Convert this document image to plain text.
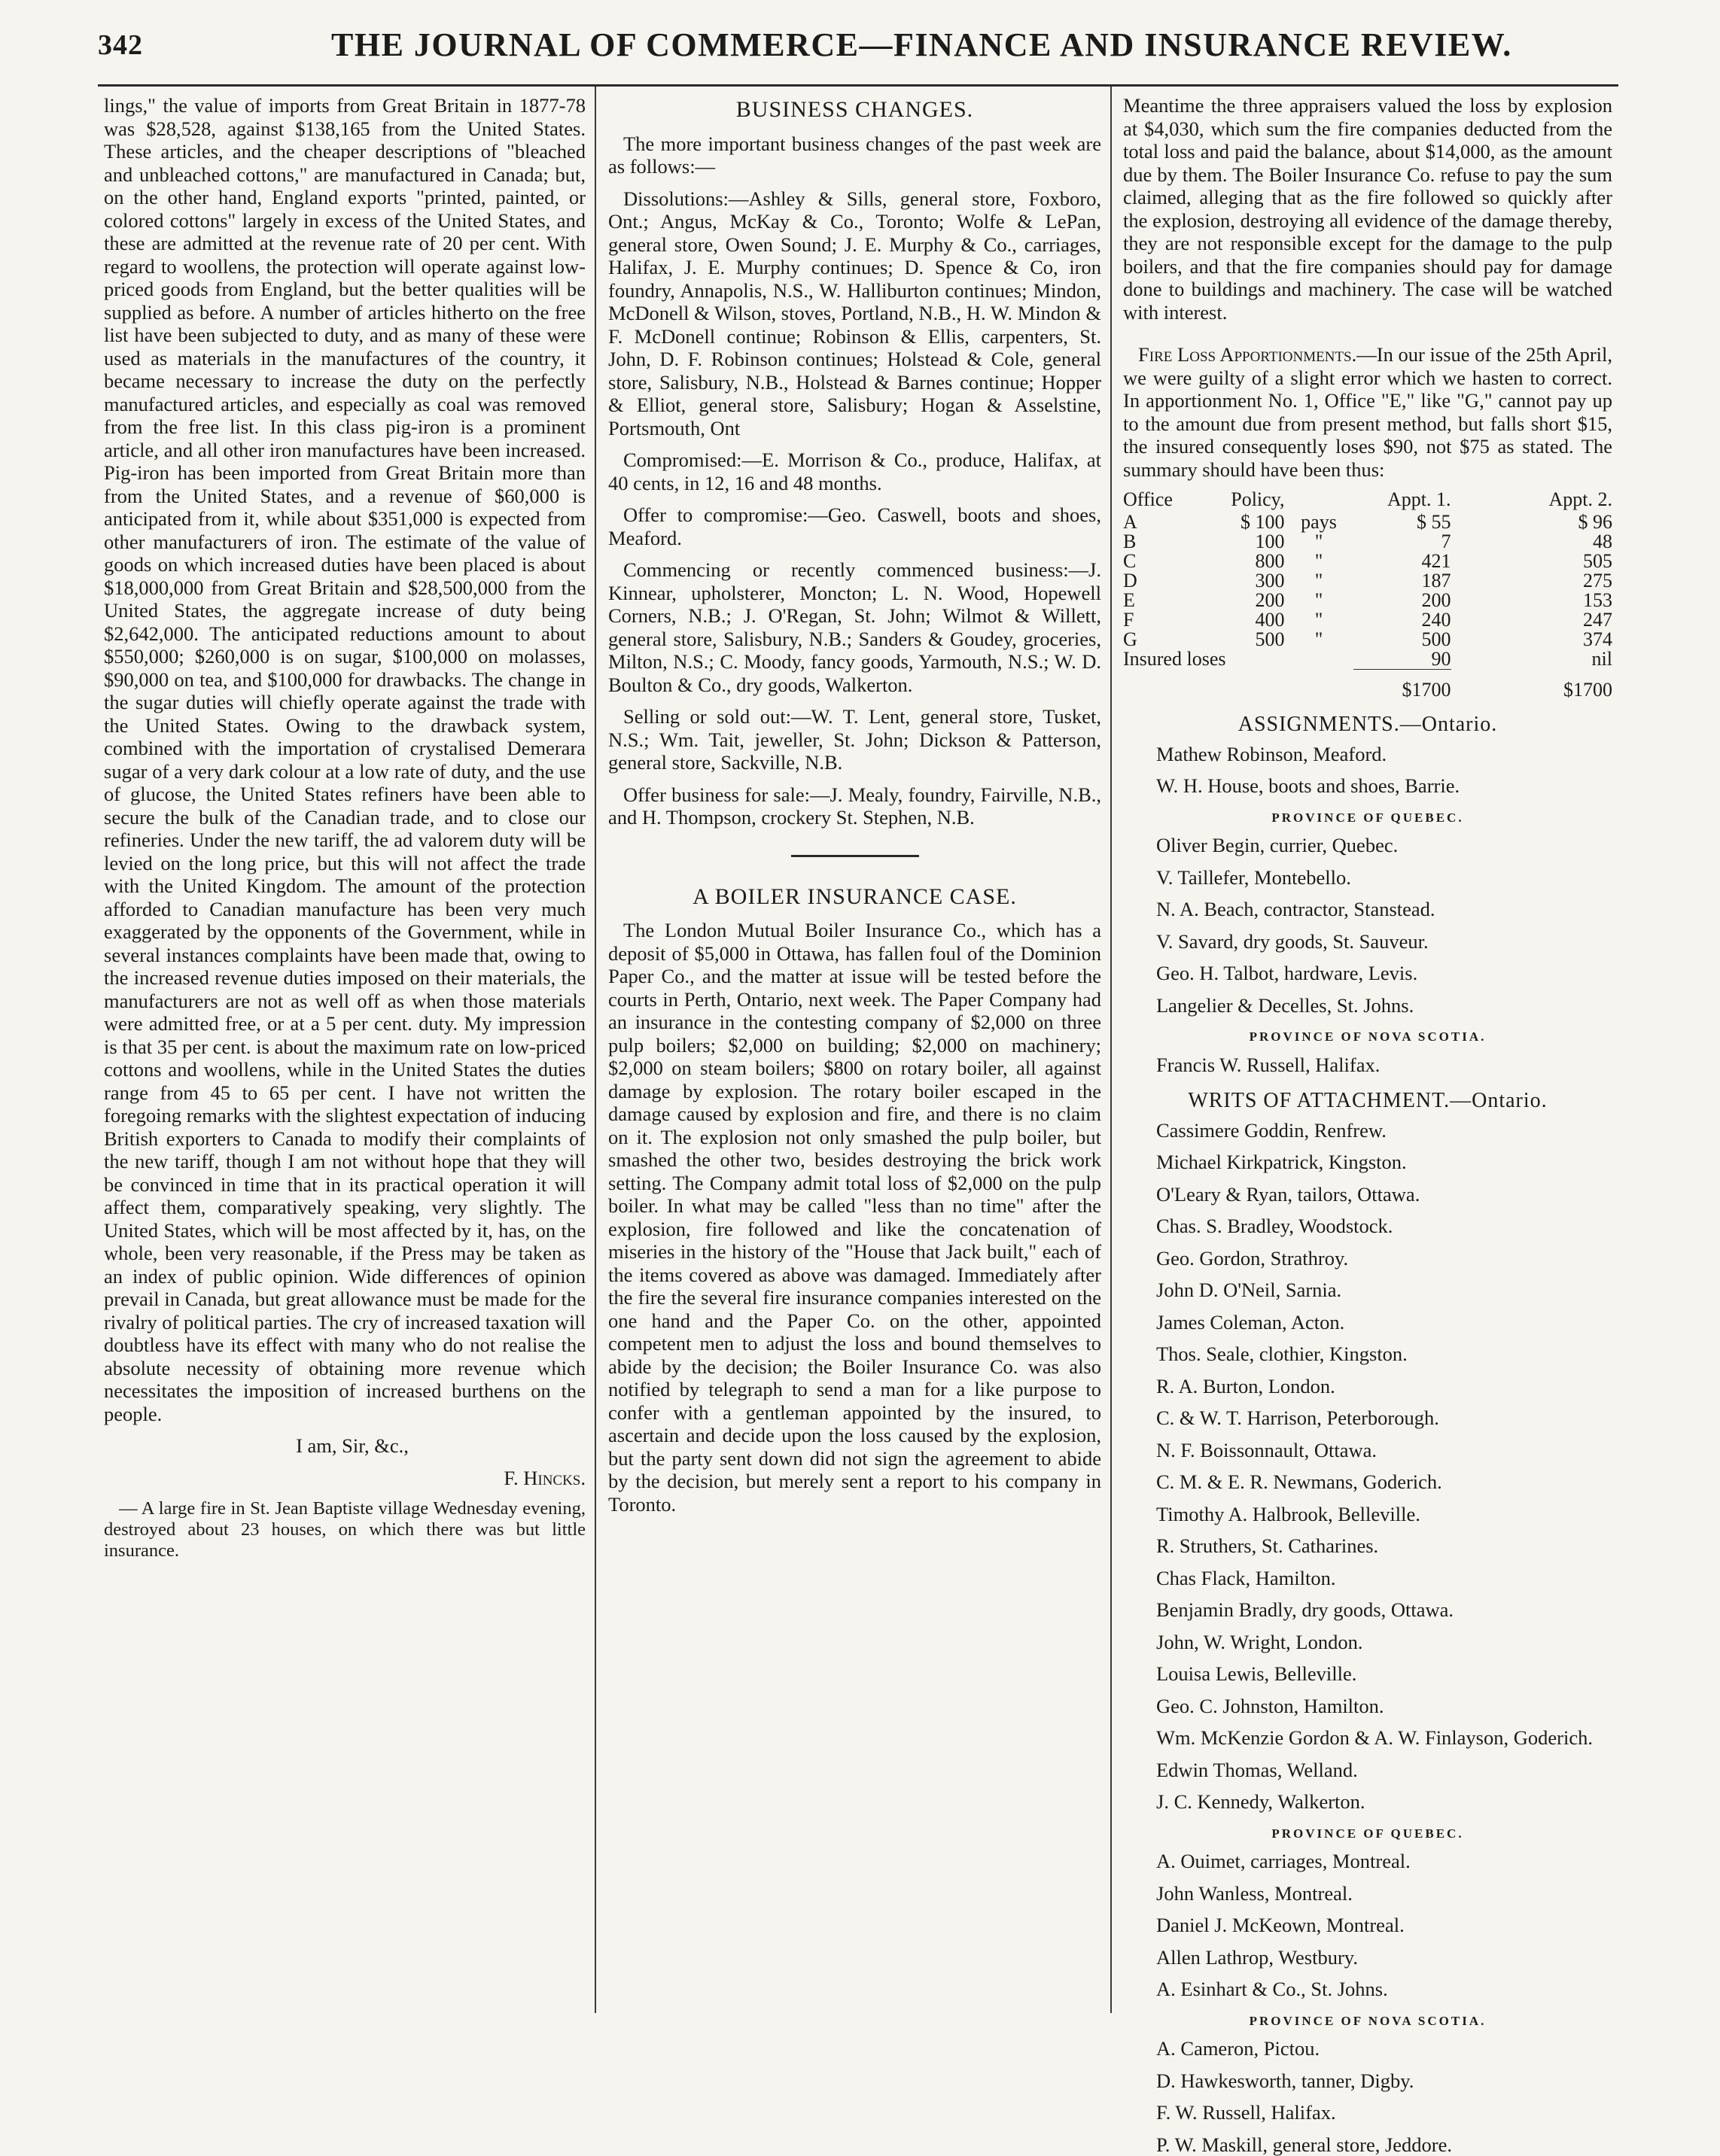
342	THE JOURNAL OF COMMERCE—FINANCE AND INSURANCE REVIEW.

lings," the value of imports from Great Britain in 1877-78 was $28,528, against $138,165 from the United States. These articles, and the cheaper descriptions of "bleached and unbleached cottons," are manufactured in Canada; but, on the other hand, England exports "printed, painted, or colored cottons" largely in excess of the United States, and these are admitted at the revenue rate of 20 per cent. With regard to woollens, the protection will operate against low-priced goods from England, but the better qualities will be supplied as before. A number of articles hitherto on the free list have been subjected to duty, and as many of these were used as materials in the manufactures of the country, it became necessary to increase the duty on the perfectly manufactured articles, and especially as coal was removed from the free list. In this class pig-iron is a prominent article, and all other iron manufactures have been increased. Pig-iron has been imported from Great Britain more than from the United States, and a revenue of $60,000 is anticipated from it, while about $351,000 is expected from other manufacturers of iron. The estimate of the value of goods on which increased duties have been placed is about $18,000,000 from Great Britain and $28,500,000 from the United States, the aggregate increase of duty being $2,642,000. The anticipated reductions amount to about $550,000; $260,000 is on sugar, $100,000 on molasses, $90,000 on tea, and $100,000 for drawbacks. The change in the sugar duties will chiefly operate against the trade with the United States. Owing to the drawback system, combined with the importation of crystalised Demerara sugar of a very dark colour at a low rate of duty, and the use of glucose, the United States refiners have been able to secure the bulk of the Canadian trade, and to close our refineries. Under the new tariff, the ad valorem duty will be levied on the long price, but this will not affect the trade with the United Kingdom. The amount of the protection afforded to Canadian manufacture has been very much exaggerated by the opponents of the Government, while in several instances complaints have been made that, owing to the increased revenue duties imposed on their materials, the manufacturers are not as well off as when those materials were admitted free, or at a 5 per cent. duty. My impression is that 35 per cent. is about the maximum rate on low-priced cottons and woollens, while in the United States the duties range from 45 to 65 per cent. I have not written the foregoing remarks with the slightest expectation of inducing British exporters to Canada to modify their complaints of the new tariff, though I am not without hope that they will be convinced in time that in its practical operation it will affect them, comparatively speaking, very slightly. The United States, which will be most affected by it, has, on the whole, been very reasonable, if the Press may be taken as an index of public opinion. Wide differences of opinion prevail in Canada, but great allowance must be made for the rivalry of political parties. The cry of increased taxation will doubtless have its effect with many who do not realise the absolute necessity of obtaining more revenue which necessitates the imposition of increased burthens on the people.

I am, Sir, &c.,

F. Hincks.

— A large fire in St. Jean Baptiste village Wednesday evening, destroyed about 23 houses, on which there was but little insurance.

BUSINESS CHANGES.

The more important business changes of the past week are as follows:—

Dissolutions:—Ashley & Sills, general store, Foxboro, Ont.; Angus, McKay & Co., Toronto; Wolfe & LePan, general store, Owen Sound; J. E. Murphy & Co., carriages, Halifax, J. E. Murphy continues; D. Spence & Co, iron foundry, Annapolis, N.S., W. Halliburton continues; Mindon, McDonell & Wilson, stoves, Portland, N.B., H. W. Mindon & F. McDonell continue; Robinson & Ellis, carpenters, St. John, D. F. Robinson continues; Holstead & Cole, general store, Salisbury, N.B., Holstead & Barnes continue; Hopper & Elliot, general store, Salisbury; Hogan & Asselstine, Portsmouth, Ont

Compromised:—E. Morrison & Co., produce, Halifax, at 40 cents, in 12, 16 and 48 months.

Offer to compromise:—Geo. Caswell, boots and shoes, Meaford.

Commencing or recently commenced business:—J. Kinnear, upholsterer, Moncton; L. N. Wood, Hopewell Corners, N.B.; J. O'Regan, St. John; Wilmot & Willett, general store, Salisbury, N.B.; Sanders & Goudey, groceries, Milton, N.S.; C. Moody, fancy goods, Yarmouth, N.S.; W. D. Boulton & Co., dry goods, Walkerton.

Selling or sold out:—W. T. Lent, general store, Tusket, N.S.; Wm. Tait, jeweller, St. John; Dickson & Patterson, general store, Sackville, N.B.

Offer business for sale:—J. Mealy, foundry, Fairville, N.B., and H. Thompson, crockery St. Stephen, N.B.

A BOILER INSURANCE CASE.

The London Mutual Boiler Insurance Co., which has a deposit of $5,000 in Ottawa, has fallen foul of the Dominion Paper Co., and the matter at issue will be tested before the courts in Perth, Ontario, next week. The Paper Company had an insurance in the contesting company of $2,000 on three pulp boilers; $2,000 on building; $2,000 on machinery; $2,000 on steam boilers; $800 on rotary boiler, all against damage by explosion. The rotary boiler escaped in the damage caused by explosion and fire, and there is no claim on it. The explosion not only smashed the pulp boiler, but smashed the other two, besides destroying the brick work setting. The Company admit total loss of $2,000 on the pulp boiler. In what may be called "less than no time" after the explosion, fire followed and like the concatenation of miseries in the history of the "House that Jack built," each of the items covered as above was damaged. Immediately after the fire the several fire insurance companies interested on the one hand and the Paper Co. on the other, appointed competent men to adjust the loss and bound themselves to abide by the decision; the Boiler Insurance Co. was also notified by telegraph to send a man for a like purpose to confer with a gentleman appointed by the insured, to ascertain and decide upon the loss caused by the explosion, but the party sent down did not sign the agreement to abide by the decision, but merely sent a report to his company in Toronto.

Meantime the three appraisers valued the loss by explosion at $4,030, which sum the fire companies deducted from the total loss and paid the balance, about $14,000, as the amount due by them. The Boiler Insurance Co. refuse to pay the sum claimed, alleging that as the fire followed so quickly after the explosion, destroying all evidence of the damage thereby, they are not responsible except for the damage to the pulp boilers, and that the fire companies should pay for damage done to buildings and machinery. The case will be watched with interest.

Fire Loss Apportionments.—In our issue of the 25th April, we were guilty of a slight error which we hasten to correct. In apportionment No. 1, Office "E," like "G," cannot pay up to the amount due from present method, but falls short $15, the insured consequently loses $90, not $75 as stated. The summary should have been thus:

Office	Policy,		Appt. 1.	Appt. 2.
A	$ 100	pays	$ 55	$ 96
B	100	"	7	48
C	800	"	421	505
D	300	"	187	275
E	200	"	200	153
F	400	"	240	247
G	500	"	500	374
Insured loses			90	nil
			$1700	$1700
ASSIGNMENTS.—Ontario.

Mathew Robinson, Meaford.

W. H. House, boots and shoes, Barrie.

PROVINCE OF QUEBEC.

Oliver Begin, currier, Quebec.

V. Taillefer, Montebello.

N. A. Beach, contractor, Stanstead.

V. Savard, dry goods, St. Sauveur.

Geo. H. Talbot, hardware, Levis.

Langelier & Decelles, St. Johns.

PROVINCE OF NOVA SCOTIA.

Francis W. Russell, Halifax.

WRITS OF ATTACHMENT.—Ontario.

Cassimere Goddin, Renfrew.

Michael Kirkpatrick, Kingston.

O'Leary & Ryan, tailors, Ottawa.

Chas. S. Bradley, Woodstock.

Geo. Gordon, Strathroy.

John D. O'Neil, Sarnia.

James Coleman, Acton.

Thos. Seale, clothier, Kingston.

R. A. Burton, London.

C. & W. T. Harrison, Peterborough.

N. F. Boissonnault, Ottawa.

C. M. & E. R. Newmans, Goderich.

Timothy A. Halbrook, Belleville.

R. Struthers, St. Catharines.

Chas Flack, Hamilton.

Benjamin Bradly, dry goods, Ottawa.

John, W. Wright, London.

Louisa Lewis, Belleville.

Geo. C. Johnston, Hamilton.

Wm. McKenzie Gordon & A. W. Finlayson, Goderich.

Edwin Thomas, Welland.

J. C. Kennedy, Walkerton.

PROVINCE OF QUEBEC.

A. Ouimet, carriages, Montreal.

John Wanless, Montreal.

Daniel J. McKeown, Montreal.

Allen Lathrop, Westbury.

A. Esinhart & Co., St. Johns.

PROVINCE OF NOVA SCOTIA.

A. Cameron, Pictou.

D. Hawkesworth, tanner, Digby.

F. W. Russell, Halifax.

P. W. Maskill, general store, Jeddore.
